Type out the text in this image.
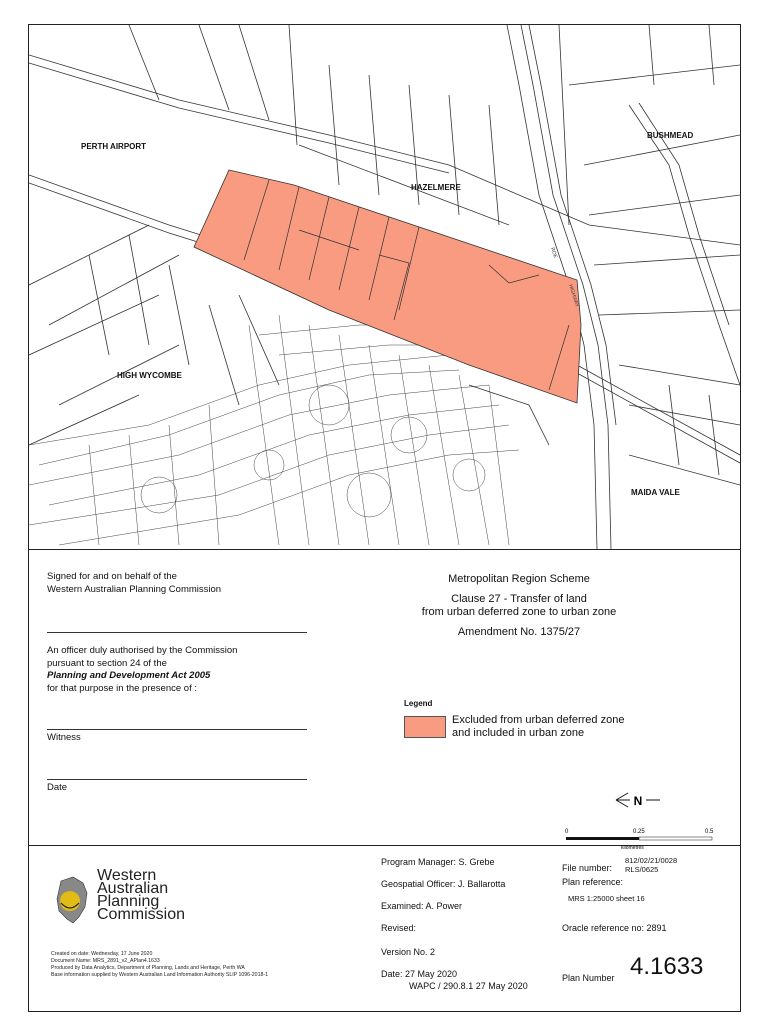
PERTH AIRPORT
HAZELMERE
BUSHMEAD
HIGH WYCOMBE
MAIDA VALE
ROE
HIGHWAY
Signed for and on behalf of the
Western Australian Planning Commission
An officer duly authorised by the Commission
pursuant to section 24 of the
Planning and Development Act 2005
for that purpose in the presence of :
Witness
Date
Metropolitan Region Scheme
Clause 27 - Transfer of land
from urban deferred zone to urban zone
Amendment No. 1375/27
Legend
Excluded from urban deferred zone
and included in urban zone
N
0	0.25	0.5
kilometres
Western
Australian
Planning
Commission
Created on date: Wednesday, 17 June 2020
Document Name: MRS_2891_v2_APlan4.1633
Produced by Data Analytics, Department of Planning, Lands and Heritage, Perth WA
Base information supplied by Western Australian Land Information Authority SLIP 1096-2018-1
Program Manager: S. Grebe
Geospatial Officer: J. Ballarotta
Examined: A. Power
Revised:
Version No. 2
Date: 27 May 2020
WAPC / 290.8.1 27 May 2020
File number:
812/02/21/0028
RLS/0625
Plan reference:
MRS 1:25000 sheet 16
Oracle reference no: 2891
Plan Number 4.1633
